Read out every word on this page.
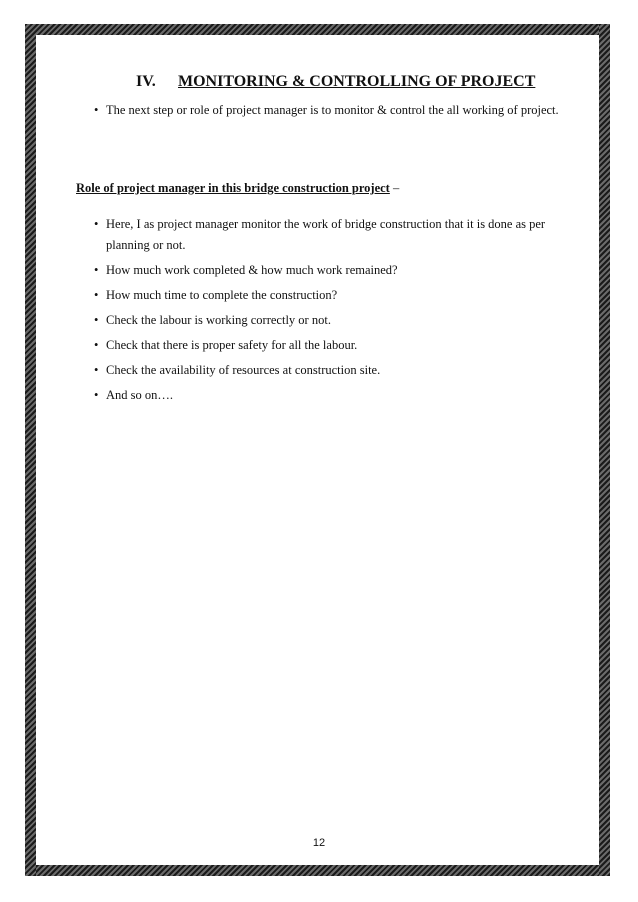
IV. MONITORING & CONTROLLING OF PROJECT
• The next step or role of project manager is to monitor & control the all working of project.
Role of project manager in this bridge construction project –
• Here, I as project manager monitor the work of bridge construction that it is done as per planning or not.
• How much work completed & how much work remained?
• How much time to complete the construction?
• Check the labour is working correctly or not.
• Check that there is proper safety for all the labour.
• Check the availability of resources at construction site.
• And so on….
12
